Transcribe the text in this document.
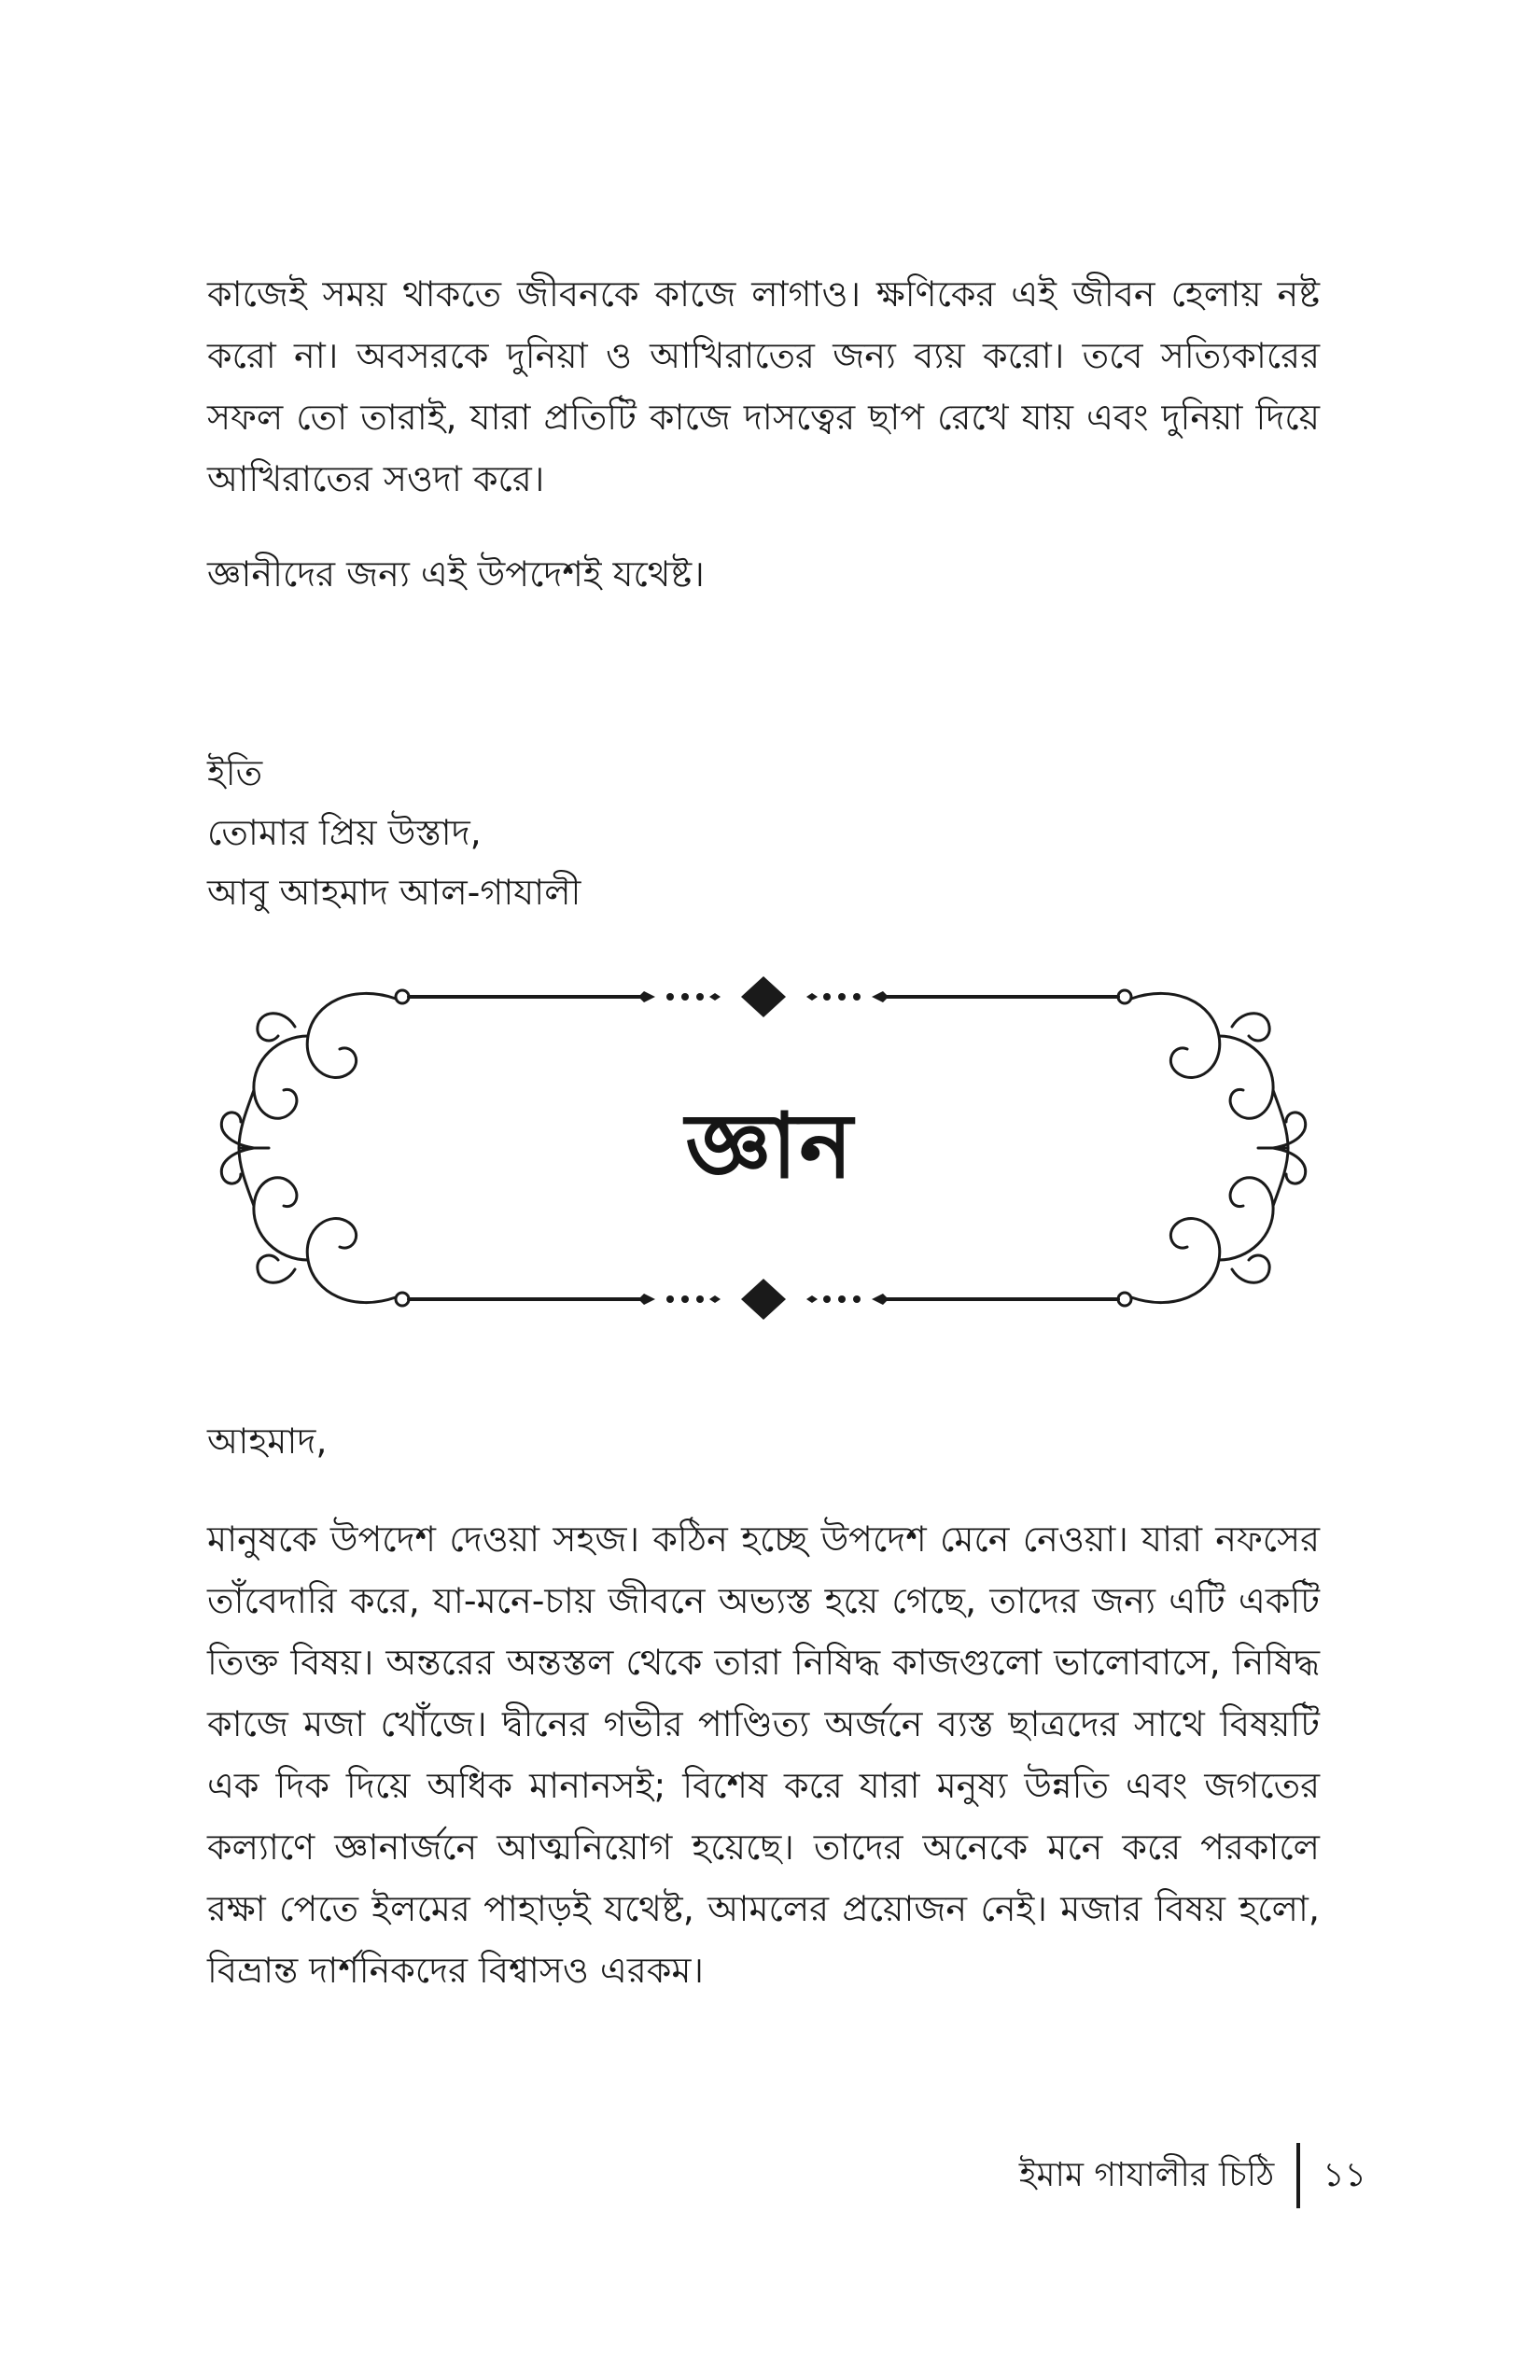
কাজেই সময় থাকতে জীবনকে কাজে লাগাও। ক্ষণিকের এই জীবন হেলায় নষ্ট করো না। অবসরকে দুনিয়া ও আখিরাতের জন্য ব্যয় করো। তবে সত্যিকারের সফল তো তারাই, যারা প্রতিটি কাজে দাসত্বের ছাপ রেখে যায় এবং দুনিয়া দিয়ে আখিরাতের সওদা করে।

জ্ঞানীদের জন্য এই উপদেশই যথেষ্ট।

ইতি
তোমার প্রিয় উস্তাদ,
আবু আহমাদ আল-গাযালী
জ্ঞান
আহমাদ,

মানুষকে উপদেশ দেওয়া সহজ। কঠিন হচ্ছে উপদেশ মেনে নেওয়া। যারা নফসের তাঁবেদারি করে, যা-মনে-চায় জীবনে অভ্যস্ত হয়ে গেছে, তাদের জন্য এটি একটি তিক্ত বিষয়। অন্তরের অন্তস্তল থেকে তারা নিষিদ্ধ কাজগুলো ভালোবাসে, নিষিদ্ধ কাজে মজা খোঁজে। দ্বীনের গভীর পাণ্ডিত্য অর্জনে ব্যস্ত ছাত্রদের সাথে বিষয়টি এক দিক দিয়ে অধিক মানানসই; বিশেষ করে যারা মনুষ্য উন্নতি এবং জগতের কল্যাণে জ্ঞানার্জনে আত্মনিয়োগ হয়েছে। তাদের অনেকে মনে করে পরকালে রক্ষা পেতে ইলমের পাহাড়ই যথেষ্ট, আমলের প্রয়োজন নেই। মজার বিষয় হলো, বিভ্রান্ত দার্শনিকদের বিশ্বাসও এরকম।

ইমাম গাযালীর চিঠি	১১
